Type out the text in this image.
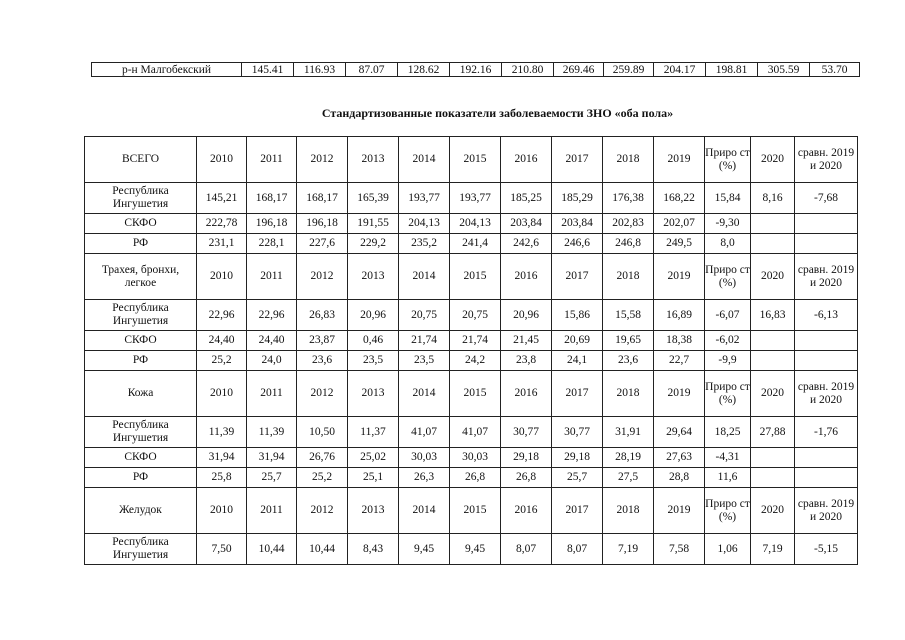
р-н Малгобекский	145.41	116.93	87.07	128.62	192.16	210.80	269.46	259.89	204.17	198.81	305.59	53.70

Стандартизованные показатели заболеваемости ЗНО «оба пола»

ВСЕГО	2010	2011	2012	2013	2014	2015	2016	2017	2018	2019	Приро ст (%)	2020	сравн. 2019 и 2020
Республика Ингушетия	145,21	168,17	168,17	165,39	193,77	193,77	185,25	185,29	176,38	168,22	15,84	8,16	-7,68
СКФО	222,78	196,18	196,18	191,55	204,13	204,13	203,84	203,84	202,83	202,07	-9,30		
РФ	231,1	228,1	227,6	229,2	235,2	241,4	242,6	246,6	246,8	249,5	8,0		
Трахея, бронхи, легкое	2010	2011	2012	2013	2014	2015	2016	2017	2018	2019	Приро ст (%)	2020	сравн. 2019 и 2020
Республика Ингушетия	22,96	22,96	26,83	20,96	20,75	20,75	20,96	15,86	15,58	16,89	-6,07	16,83	-6,13
СКФО	24,40	24,40	23,87	0,46	21,74	21,74	21,45	20,69	19,65	18,38	-6,02		
РФ	25,2	24,0	23,6	23,5	23,5	24,2	23,8	24,1	23,6	22,7	-9,9		
Кожа	2010	2011	2012	2013	2014	2015	2016	2017	2018	2019	Приро ст (%)	2020	сравн. 2019 и 2020
Республика Ингушетия	11,39	11,39	10,50	11,37	41,07	41,07	30,77	30,77	31,91	29,64	18,25	27,88	-1,76
СКФО	31,94	31,94	26,76	25,02	30,03	30,03	29,18	29,18	28,19	27,63	-4,31		
РФ	25,8	25,7	25,2	25,1	26,3	26,8	26,8	25,7	27,5	28,8	11,6		
Желудок	2010	2011	2012	2013	2014	2015	2016	2017	2018	2019	Приро ст (%)	2020	сравн. 2019 и 2020
Республика Ингушетия	7,50	10,44	10,44	8,43	9,45	9,45	8,07	8,07	7,19	7,58	1,06	7,19	-5,15
